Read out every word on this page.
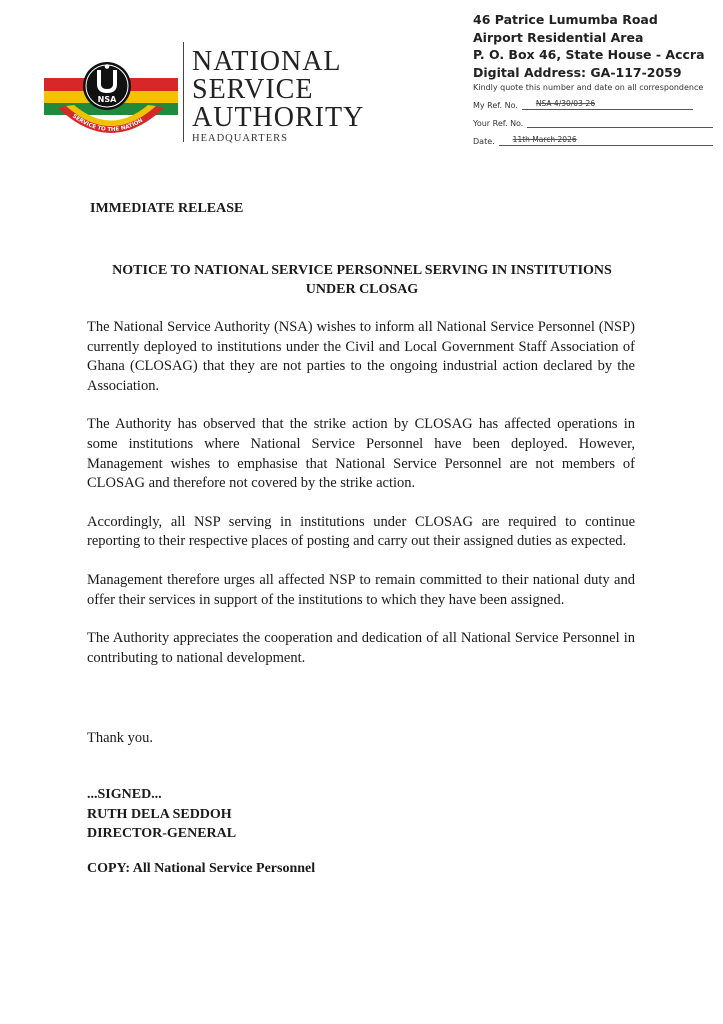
SERVICE TO THE NATION
NSA
NATIONAL
SERVICE
AUTHORITY
HEADQUARTERS
46 Patrice Lumumba Road
Airport Residential Area
P. O. Box 46, State House - Accra
Digital Address: GA-117-2059
Kindly quote this number and date on all correspondence
My Ref. No.	NSA 4/30/03-26
Your Ref. No.
Date.	11th March 2026
IMMEDIATE RELEASE
NOTICE TO NATIONAL SERVICE PERSONNEL SERVING IN INSTITUTIONS UNDER CLOSAG

The National Service Authority (NSA) wishes to inform all National Service Personnel (NSP) currently deployed to institutions under the Civil and Local Government Staff Association of Ghana (CLOSAG) that they are not parties to the ongoing industrial action declared by the Association.

The Authority has observed that the strike action by CLOSAG has affected operations in some institutions where National Service Personnel have been deployed. However, Management wishes to emphasise that National Service Personnel are not members of CLOSAG and therefore not covered by the strike action.

Accordingly, all NSP serving in institutions under CLOSAG are required to continue reporting to their respective places of posting and carry out their assigned duties as expected.

Management therefore urges all affected NSP to remain committed to their national duty and offer their services in support of the institutions to which they have been assigned.

The Authority appreciates the cooperation and dedication of all National Service Personnel in contributing to national development.

Thank you.
...SIGNED...
RUTH DELA SEDDOH
DIRECTOR-GENERAL
COPY: All National Service Personnel
